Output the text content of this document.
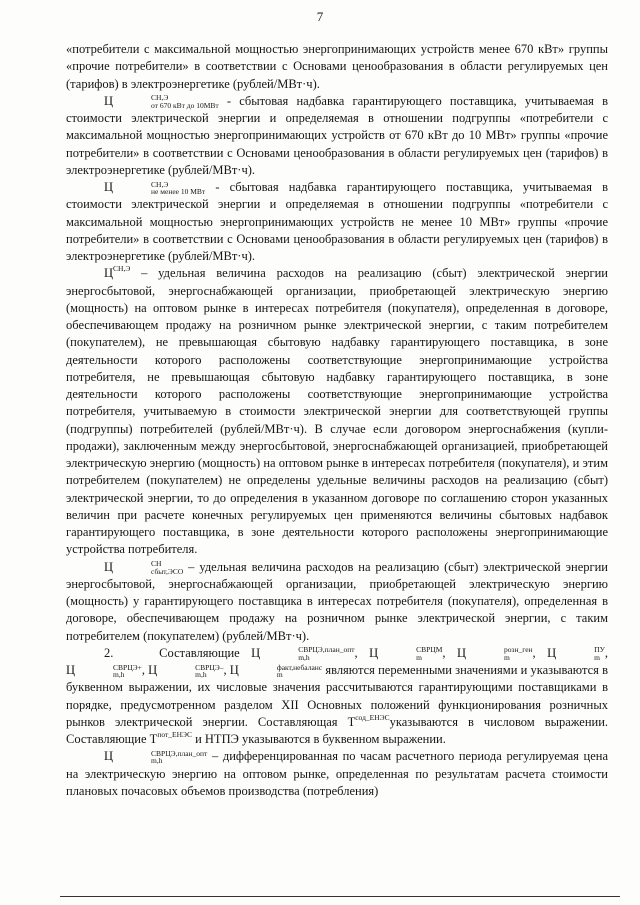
7

«потребители с максимальной мощностью энергопринимающих устройств менее 670 кВт» группы «прочие потребители» в соответствии с Основами ценообразования в области регулируемых цен (тарифов) в электроэнергетике (рублей/МВт·ч).

Ц	СН,Э
от 670 кВт до 10МВт - сбытовая надбавка гарантирующего поставщика, учитываемая в стоимости электрической энергии и определяемая в отношении подгруппы «потребители с максимальной мощностью энергопринимающих устройств от 670 кВт до 10 МВт» группы «прочие потребители» в соответствии с Основами ценообразования в области регулируемых цен (тарифов) в электроэнергетике (рублей/МВт·ч).

Ц	СН,Э
не менее 10 МВт - сбытовая надбавка гарантирующего поставщика, учитываемая в стоимости электрической энергии и определяемая в отношении подгруппы «потребители с максимальной мощностью энергопринимающих устройств не менее 10 МВт» группы «прочие потребители» в соответствии с Основами ценообразования в области регулируемых цен (тарифов) в электроэнергетике (рублей/МВт·ч).

$Ц^{СН,Э}$ – удельная величина расходов на реализацию (сбыт) электрической энергии энергосбытовой, энергоснабжающей организации, приобретающей электрическую энергию (мощность) на оптовом рынке в интересах потребителя (покупателя), определенная в договоре, обеспечивающем продажу на розничном рынке электрической энергии, с таким потребителем (покупателем), не превышающая сбытовую надбавку гарантирующего поставщика, в зоне деятельности которого расположены соответствующие энергопринимающие устройства потребителя, не превышающая сбытовую надбавку гарантирующего поставщика, в зоне деятельности которого расположены соответствующие энергопринимающие устройства потребителя, учитываемую в стоимости электрической энергии для соответствующей группы (подгруппы) потребителей (рублей/МВт·ч). В случае если договором энергоснабжения (купли-продажи), заключенным между энергосбытовой, энергоснабжающей организацией, приобретающей электрическую энергию (мощность) на оптовом рынке в интересах потребителя (покупателя), и этим потребителем (покупателем) не определены удельные величины расходов на реализацию (сбыт) электрической энергии, то до определения в указанном договоре по соглашению сторон указанных величин при расчете конечных регулируемых цен применяются величины сбытовых надбавок гарантирующего поставщика, в зоне деятельности которого расположены энергопринимающие устройства потребителя.

Ц	СН
сбыт,ЭСО – удельная величина расходов на реализацию (сбыт) электрической энергии энергосбытовой, энергоснабжающей организации, приобретающей электрическую энергию (мощность) у гарантирующего поставщика в интересах потребителя (покупателя), определенная в договоре, обеспечивающем продажу на розничном рынке электрической энергии, с таким потребителем (покупателем) (рублей/МВт·ч).

2.	Составляющие Ц	СВРЦЭ,план_опт
m,h	, Ц	СВРЦМ
m	, Ц	розн_ген
m	, Ц	ПУ
m , Ц	СВРЦЭ+
m,h	, Ц	СВРЦЭ–
m,h	, Ц	факт,небаланс
m	являются переменными значениями и указываются в буквенном выражении, их числовые значения рассчитываются гарантирующими поставщиками в порядке, предусмотренном разделом XII Основных положений функционирования розничных рынков электрической энергии. Составляющая $Т^{сод\_ЕНЭС}указываются$ в числовом выражении. Составляющие $Т^{пот\_ЕНЭС}$ и НТПЭ указываются в буквенном выражении.

Ц	СВРЦЭ,план_опт
m,h	– дифференцированная по часам расчетного периода регулируемая цена на электрическую энергию на оптовом рынке, определенная по результатам расчета стоимости плановых почасовых объемов производства (потребления)
